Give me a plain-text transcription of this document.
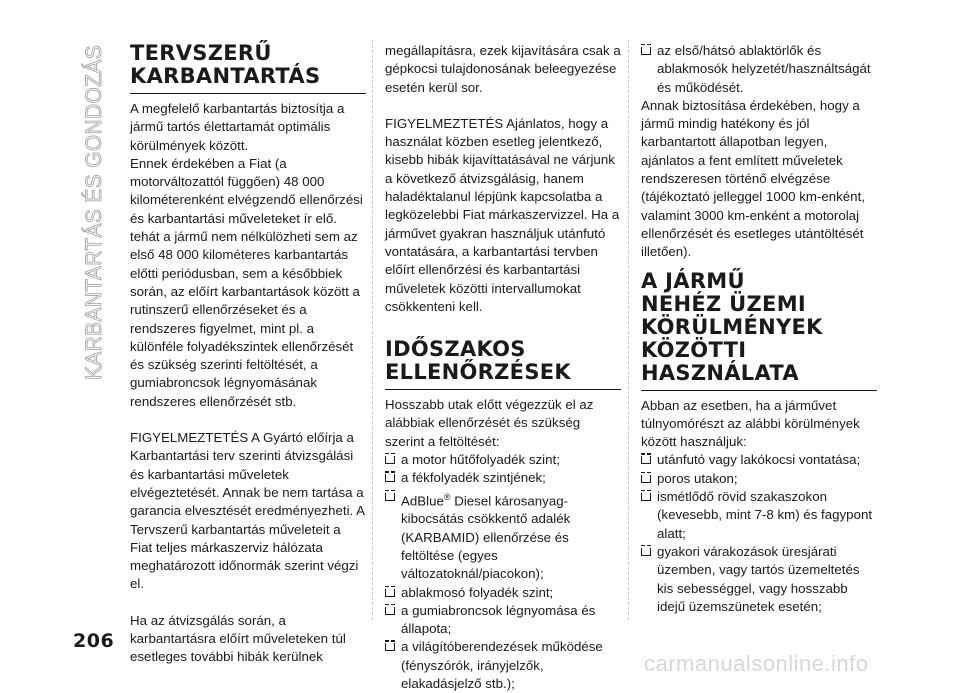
KARBANTARTÁS ÉS GONDOZÁS TERVSZERŰ
KARBANTARTÁS

A megfelelő karbantartás biztosítja a jármű tartós élettartamát optimális körülmények között.

Ennek érdekében a Fiat (a motorváltozattól függően) 48 000 kilométerenként elvégzendő ellenőrzési és karbantartási műveleteket ír elő. tehát a jármű nem nélkülözheti sem az első 48 000 kilométeres karbantartás előtti periódusban, sem a későbbiek során, az előírt karbantartások között a rutinszerű ellenőrzéseket és a rendszeres figyelmet, mint pl. a különféle folyadékszintek ellenőrzését és szükség szerinti feltöltését, a gumiabroncsok légnyomásának rendszeres ellenőrzését stb.

FIGYELMEZTETÉS A Gyártó előírja a Karbantartási terv szerinti átvizsgálási és karbantartási műveletek elvégeztetését. Annak be nem tartása a garancia elvesztését eredményezheti. A Tervszerű karbantartás műveleteit a Fiat teljes márkaszerviz hálózata meghatározott időnormák szerint végzi el.

Ha az átvizsgálás során, a karbantartásra előírt műveleteken túl esetleges további hibák kerülnek

megállapításra, ezek kijavítására csak a gépkocsi tulajdonosának beleegyezése esetén kerül sor.

FIGYELMEZTETÉS Ajánlatos, hogy a használat közben esetleg jelentkező, kisebb hibák kijavíttatásával ne várjunk a következő átvizsgálásig, hanem haladéktalanul lépjünk kapcsolatba a legközelebbi Fiat márkaszervizzel. Ha a járművet gyakran használjuk utánfutó vontatására, a karbantartási tervben előírt ellenőrzési és karbantartási műveletek közötti intervallumokat csökkenteni kell.

IDŐSZAKOS
ELLENŐRZÉSEK

Hosszabb utak előtt végezzük el az alábbiak ellenőrzését és szükség szerint a feltöltését:

a motor hűtőfolyadék szint;
a fékfolyadék szintjének;
AdBlue® Diesel károsanyag-kibocsátás csökkentő adalék (KARBAMID) ellenőrzése és feltöltése (egyes változatoknál/piacokon);
ablakmosó folyadék szint;
a gumiabroncsok légnyomása és állapota;
a világítóberendezések működése (fényszórók, irányjelzők, elakadásjelző stb.);
az első/hátsó ablaktörlők és ablakmosók helyzetét/használtságát és működését.

Annak biztosítása érdekében, hogy a jármű mindig hatékony és jól karbantartott állapotban legyen, ajánlatos a fent említett műveletek rendszeresen történő elvégzése (tájékoztató jelleggel 1000 km-enként, valamint 3000 km-enként a motorolaj ellenőrzését és esetleges utántöltését illetően).

A JÁRMŰ
NEHÉZ ÜZEMI
KÖRÜLMÉNYEK
KÖZÖTTI
HASZNÁLATA

Abban az esetben, ha a járművet túlnyomórészt az alábbi körülmények között használjuk:

utánfutó vagy lakókocsi vontatása;
poros utakon;
ismétlődő rövid szakaszokon (kevesebb, mint 7-8 km) és fagypont alatt;
gyakori várakozások üresjárati üzemben, vagy tartós üzemeltetés kis sebességgel, vagy hosszabb idejű üzemszünetek esetén;
206
carmanualsonline.info
